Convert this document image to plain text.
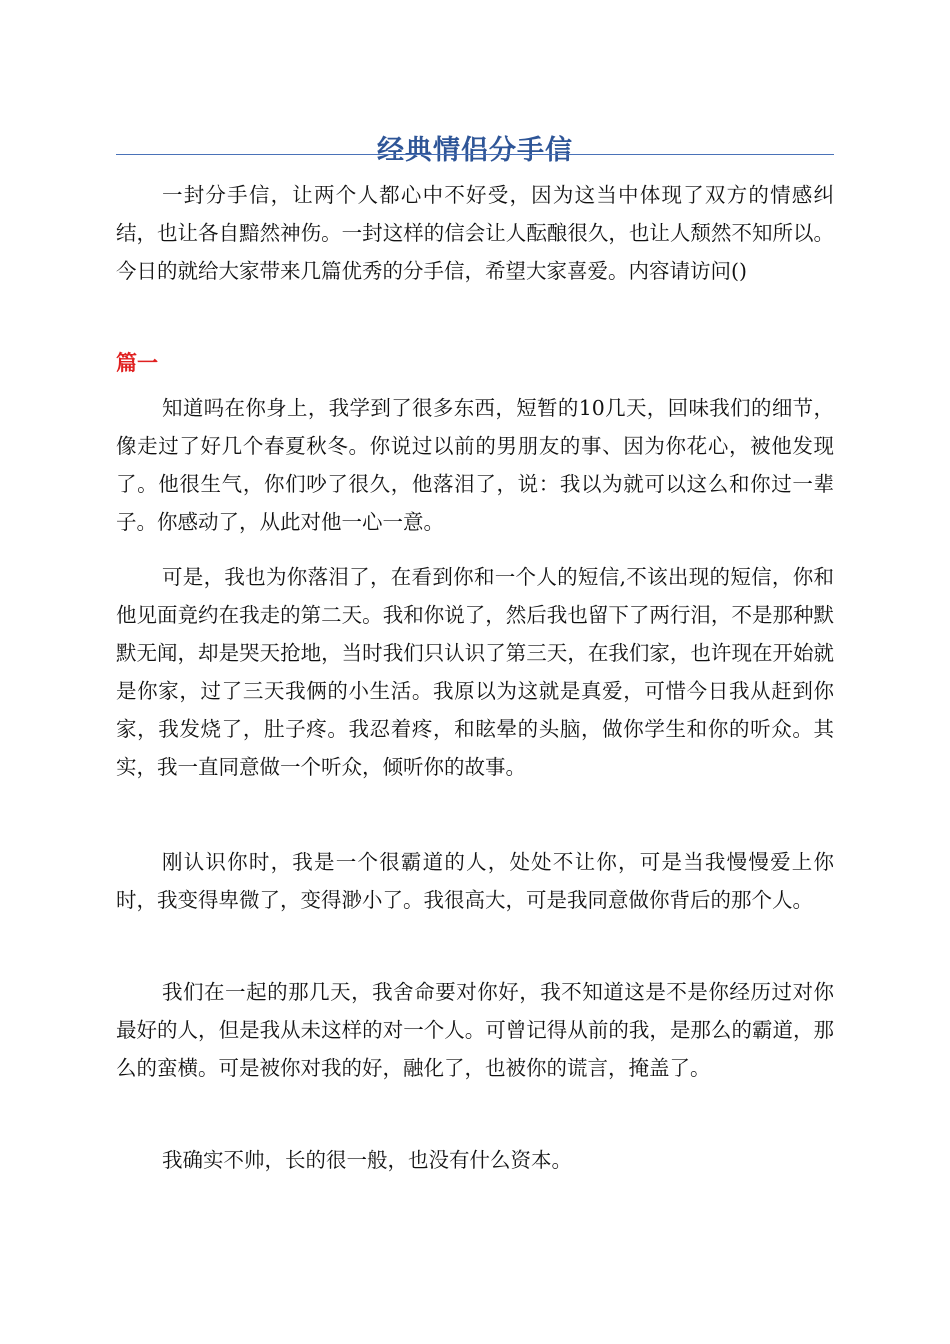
经典情侣分手信

一封分手信，让两个人都心中不好受，因为这当中体现了双方的情感纠结，也让各自黯然神伤。一封这样的信会让人酝酿很久，也让人颓然不知所以。今日的就给大家带来几篇优秀的分手信，希望大家喜爱。内容请访问()

篇一

知道吗在你身上，我学到了很多东西，短暂的10几天，回味我们的细节，像走过了好几个春夏秋冬。你说过以前的男朋友的事、因为你花心，被他发现了。他很生气，你们吵了很久，他落泪了，说：我以为就可以这么和你过一辈子。你感动了，从此对他一心一意。

可是，我也为你落泪了，在看到你和一个人的短信,不该出现的短信，你和他见面竟约在我走的第二天。我和你说了，然后我也留下了两行泪，不是那种默默无闻，却是哭天抢地，当时我们只认识了第三天，在我们家，也许现在开始就是你家，过了三天我俩的小生活。我原以为这就是真爱，可惜今日我从赶到你家，我发烧了，肚子疼。我忍着疼，和眩晕的头脑，做你学生和你的听众。其实，我一直同意做一个听众，倾听你的故事。

刚认识你时，我是一个很霸道的人，处处不让你，可是当我慢慢爱上你时，我变得卑微了，变得渺小了。我很高大，可是我同意做你背后的那个人。

我们在一起的那几天，我舍命要对你好，我不知道这是不是你经历过对你最好的人，但是我从未这样的对一个人。可曾记得从前的我，是那么的霸道，那么的蛮横。可是被你对我的好，融化了，也被你的谎言，掩盖了。

我确实不帅，长的很一般，也没有什么资本。
